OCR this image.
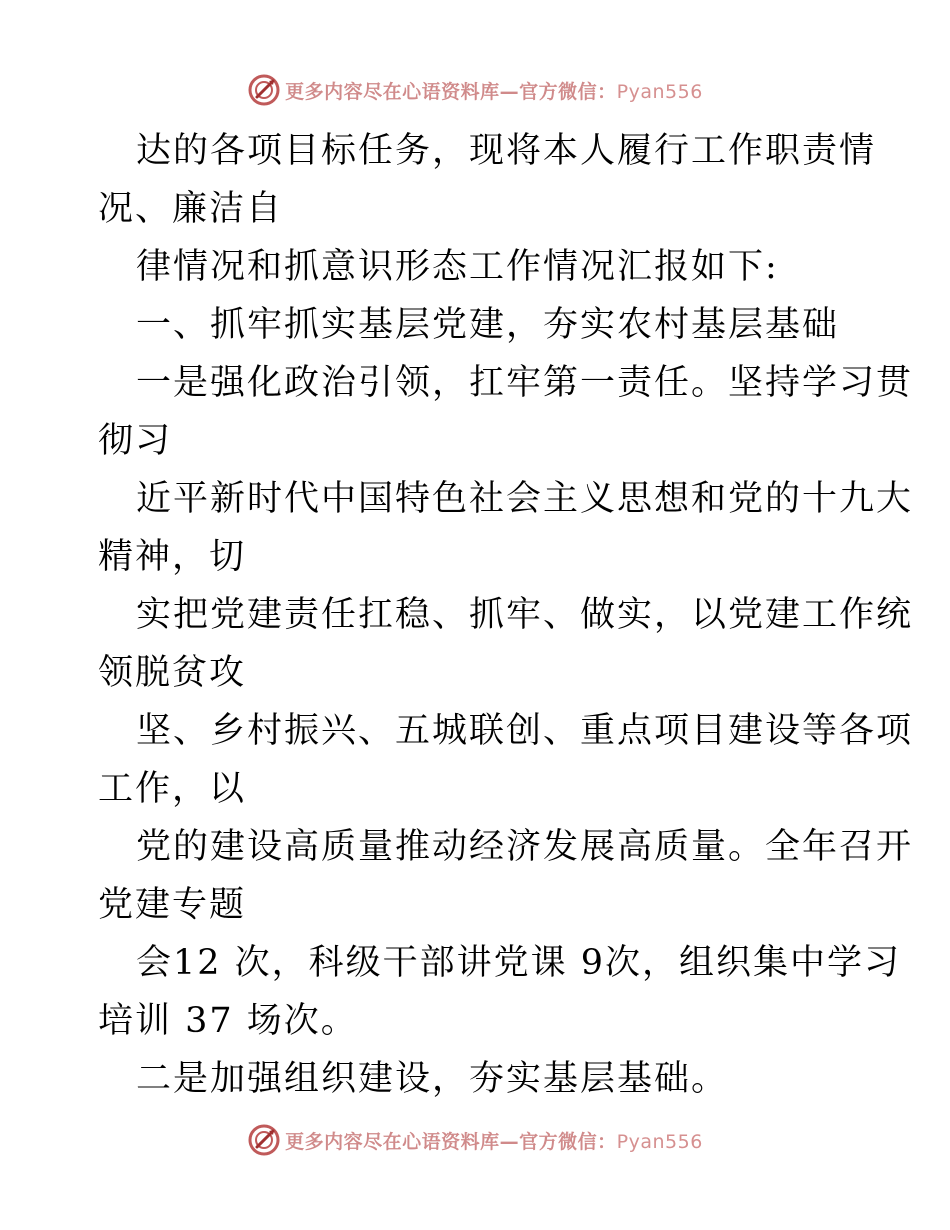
更多内容尽在心语资料库—官方微信：Pyan556
达的各项目标任务，现将本人履行工作职责情
况、廉洁自
律情况和抓意识形态工作情况汇报如下:
一、抓牢抓实基层党建，夯实农村基层基础
一是强化政治引领，扛牢第一责任。坚持学习贯
彻习
近平新时代中国特色社会主义思想和党的十九大
精神，切
实把党建责任扛稳、抓牢、做实，以党建工作统
领脱贫攻
坚、乡村振兴、五城联创、重点项目建设等各项
工作，以
党的建设高质量推动经济发展高质量。全年召开
党建专题
会12 次，科级干部讲党课 9次，组织集中学习
培训 37 场次。
二是加强组织建设，夯实基层基础。
更多内容尽在心语资料库—官方微信：Pyan556
